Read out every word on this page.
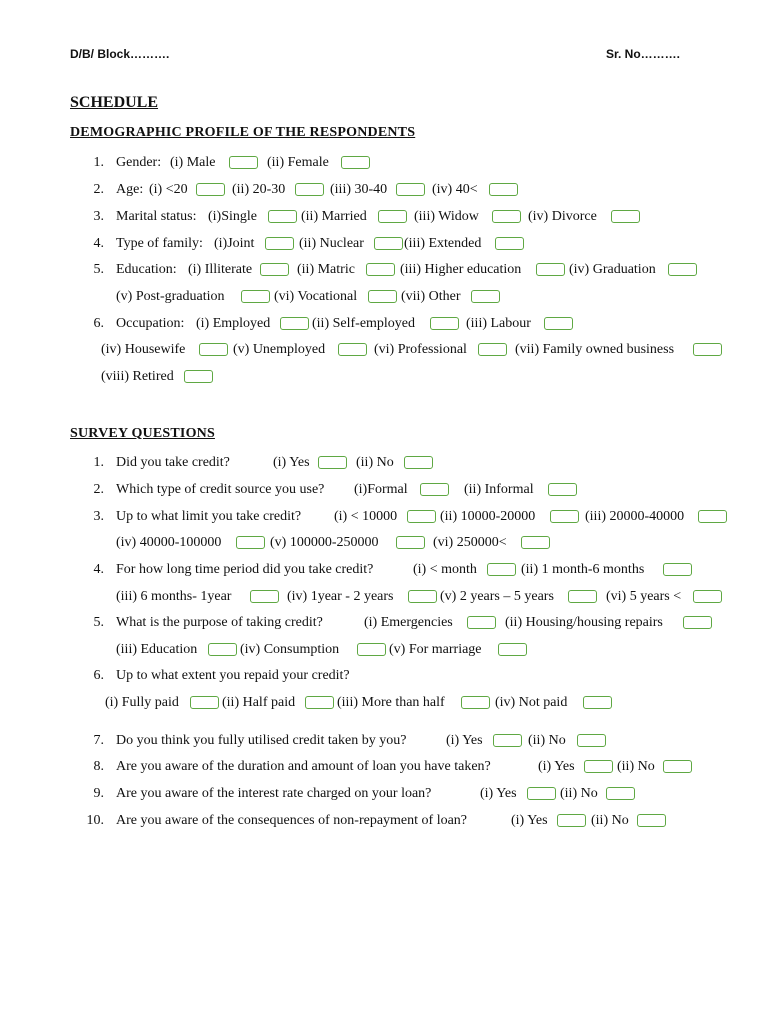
D/B/ Block……….	Sr. No……….
SCHEDULE
DEMOGRAPHIC PROFILE OF THE RESPONDENTS
1. Gender: (i) Male	(ii) Female
2. Age: (i) <20	(ii) 20-30	(iii) 30-40	(iv) 40<
3. Marital status: (i)Single	(ii) Married	(iii) Widow	(iv) Divorce
4. Type of family: (i)Joint	(ii) Nuclear	(iii) Extended
5. Education: (i) Illiterate	(ii) Matric	(iii) Higher education	(iv) Graduation
(v) Post-graduation	(vi) Vocational	(vii) Other
6. Occupation: (i) Employed	(ii) Self-employed	(iii) Labour
(iv) Housewife	(v) Unemployed	(vi) Professional	(vii) Family owned business
(viii) Retired
SURVEY QUESTIONS
1. Did you take credit?	(i) Yes	(ii) No
2. Which type of credit source you use? (i)Formal	(ii) Informal
3. Up to what limit you take credit? (i) < 10000	(ii) 10000-20000	(iii) 20000-40000
(iv) 40000-100000	(v) 100000-250000	(vi) 250000<
4. For how long time period did you take credit?	(i) < month	(ii) 1 month-6 months
(iii) 6 months- 1year	(iv) 1year - 2 years	(v) 2 years – 5 years	(vi) 5 years <
5. What is the purpose of taking credit?	(i) Emergencies	(ii) Housing/housing repairs
(iii) Education	(iv) Consumption	(v) For marriage
6. Up to what extent you repaid your credit?
(i) Fully paid	(ii) Half paid	(iii) More than half	(iv) Not paid
7. Do you think you fully utilised credit taken by you?	(i) Yes	(ii) No
8. Are you aware of the duration and amount of loan you have taken?	(i) Yes	(ii) No
9. Are you aware of the interest rate charged on your loan?	(i) Yes	(ii) No
10. Are you aware of the consequences of non-repayment of loan?	(i) Yes	(ii) No
